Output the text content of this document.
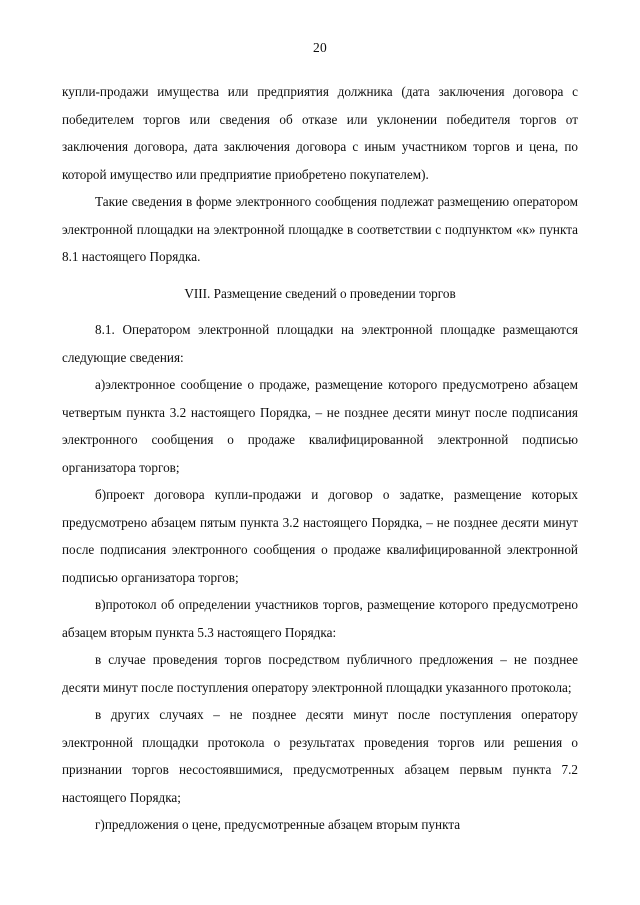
20

купли-продажи имущества или предприятия должника (дата заключения договора с победителем торгов или сведения об отказе или уклонении победителя торгов от заключения договора, дата заключения договора с иным участником торгов и цена, по которой имущество или предприятие приобретено покупателем).

Такие сведения в форме электронного сообщения подлежат размещению оператором электронной площадки на электронной площадке в соответствии с подпунктом «к» пункта 8.1 настоящего Порядка.

VIII. Размещение сведений о проведении торгов

8.1. Оператором электронной площадки на электронной площадке размещаются следующие сведения:

а)электронное сообщение о продаже, размещение которого предусмотрено абзацем четвертым пункта 3.2 настоящего Порядка, – не позднее десяти минут после подписания электронного сообщения о продаже квалифицированной электронной подписью организатора торгов;

б)проект договора купли-продажи и договор о задатке, размещение которых предусмотрено абзацем пятым пункта 3.2 настоящего Порядка, – не позднее десяти минут после подписания электронного сообщения о продаже квалифицированной электронной подписью организатора торгов;

в)протокол об определении участников торгов, размещение которого предусмотрено абзацем вторым пункта 5.3 настоящего Порядка:

в случае проведения торгов посредством публичного предложения – не позднее десяти минут после поступления оператору электронной площадки указанного протокола;

в других случаях – не позднее десяти минут после поступления оператору электронной площадки протокола о результатах проведения торгов или решения о признании торгов несостоявшимися, предусмотренных абзацем первым пункта 7.2 настоящего Порядка;

г)предложения о цене, предусмотренные абзацем вторым пункта
